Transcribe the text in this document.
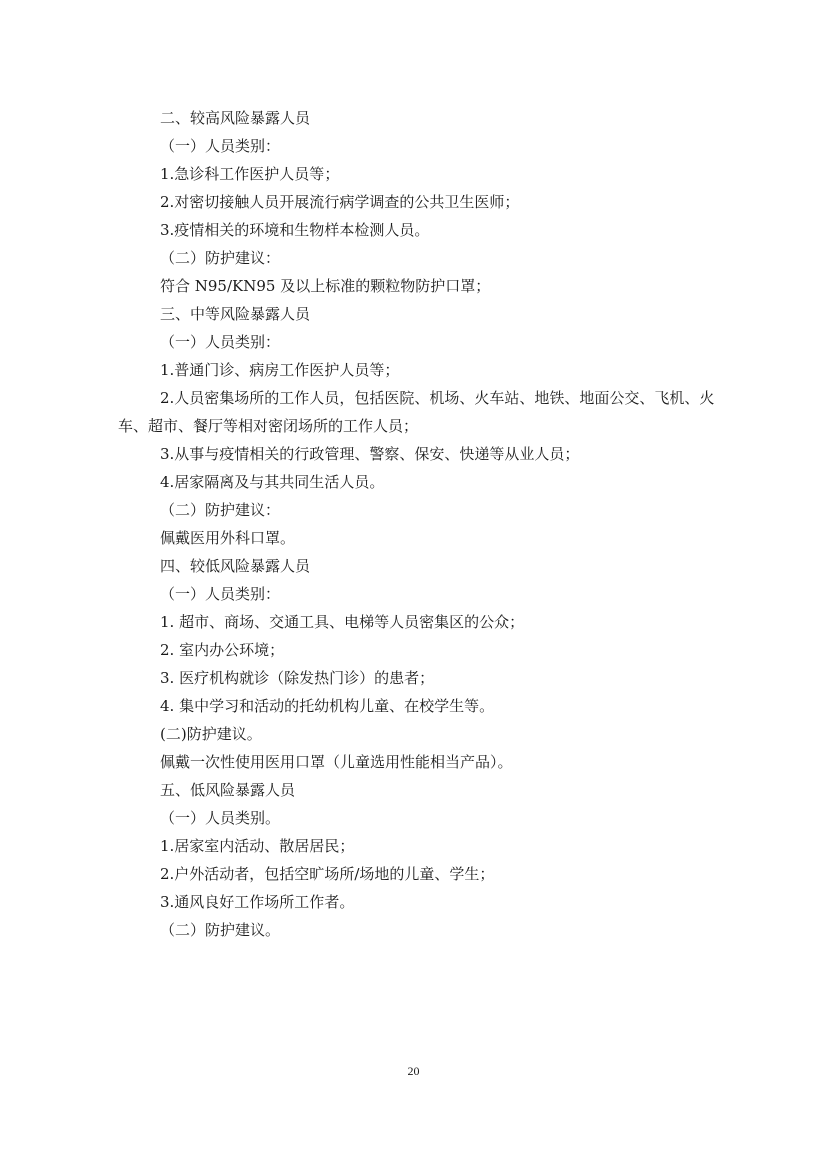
二、较高风险暴露人员
（一）人员类别：
1.急诊科工作医护人员等；
2.对密切接触人员开展流行病学调查的公共卫生医师；
3.疫情相关的环境和生物样本检测人员。
（二）防护建议：
符合 N95/KN95 及以上标准的颗粒物防护口罩；
三、中等风险暴露人员
（一）人员类别：
1.普通门诊、病房工作医护人员等；
2.人员密集场所的工作人员，包括医院、机场、火车站、地铁、地面公交、飞机、火车、超市、餐厅等相对密闭场所的工作人员；
3.从事与疫情相关的行政管理、警察、保安、快递等从业人员；
4.居家隔离及与其共同生活人员。
（二）防护建议：
佩戴医用外科口罩。
四、较低风险暴露人员
（一）人员类别：
1. 超市、商场、交通工具、电梯等人员密集区的公众；
2. 室内办公环境；
3. 医疗机构就诊（除发热门诊）的患者；
4. 集中学习和活动的托幼机构儿童、在校学生等。
(二)防护建议。
佩戴一次性使用医用口罩（儿童选用性能相当产品）。
五、低风险暴露人员
（一）人员类别。
1.居家室内活动、散居居民；
2.户外活动者，包括空旷场所/场地的儿童、学生；
3.通风良好工作场所工作者。
（二）防护建议。
20
